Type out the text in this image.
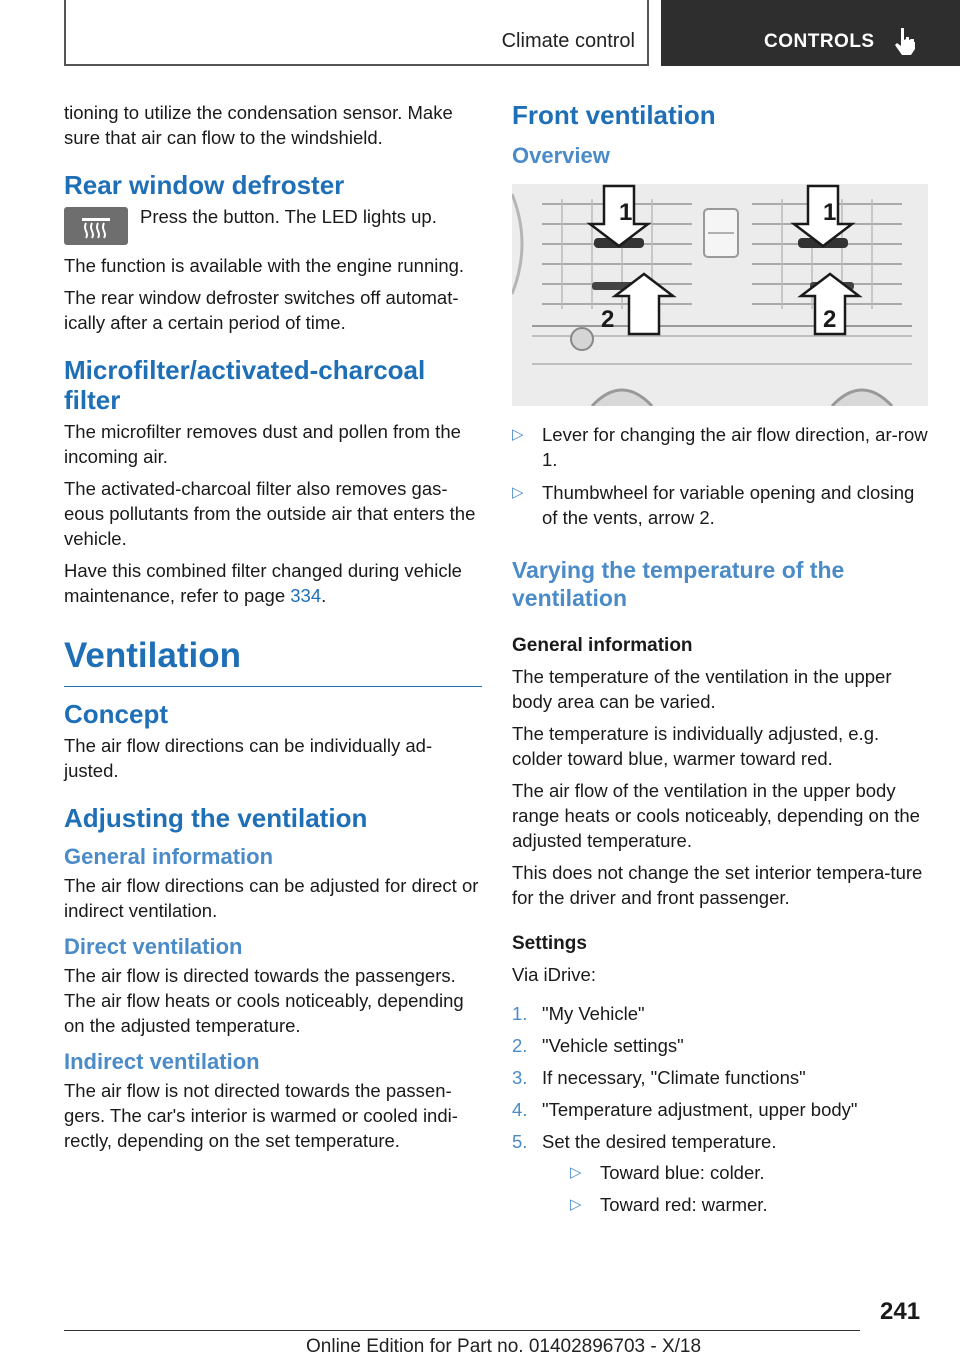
Climate control	CONTROLS

tioning to utilize the condensation sensor. Make sure that air can flow to the windshield.

Rear window defroster
Press the button. The LED lights up.

The function is available with the engine running.

The rear window defroster switches off automat-ically after a certain period of time.

Microfilter/activated-charcoal filter

The microfilter removes dust and pollen from the incoming air.

The activated-charcoal filter also removes gas-eous pollutants from the outside air that enters the vehicle.

Have this combined filter changed during vehicle maintenance, refer to page 334.

Ventilation
Concept

The air flow directions can be individually ad-justed.

Adjusting the ventilation
General information

The air flow directions can be adjusted for direct or indirect ventilation.

Direct ventilation

The air flow is directed towards the passengers. The air flow heats or cools noticeably, depending on the adjusted temperature.

Indirect ventilation

The air flow is not directed towards the passen-gers. The car's interior is warmed or cooled indi-rectly, depending on the set temperature.

Front ventilation
Overview
1	1
2	2
▷ Lever for changing the air flow direction, ar-row 1.
▷ Thumbwheel for variable opening and closing of the vents, arrow 2.
Varying the temperature of the ventilation
General information

The temperature of the ventilation in the upper body area can be varied.

The temperature is individually adjusted, e.g. colder toward blue, warmer toward red.

The air flow of the ventilation in the upper body range heats or cools noticeably, depending on the adjusted temperature.

This does not change the set interior tempera-ture for the driver and front passenger.

Settings

Via iDrive:

1. "My Vehicle"
2. "Vehicle settings"
3. If necessary, "Climate functions"
4. "Temperature adjustment, upper body"
5. Set the desired temperature.
▷ Toward blue: colder.
▷ Toward red: warmer.
241
Online Edition for Part no. 01402896703 - X/18
